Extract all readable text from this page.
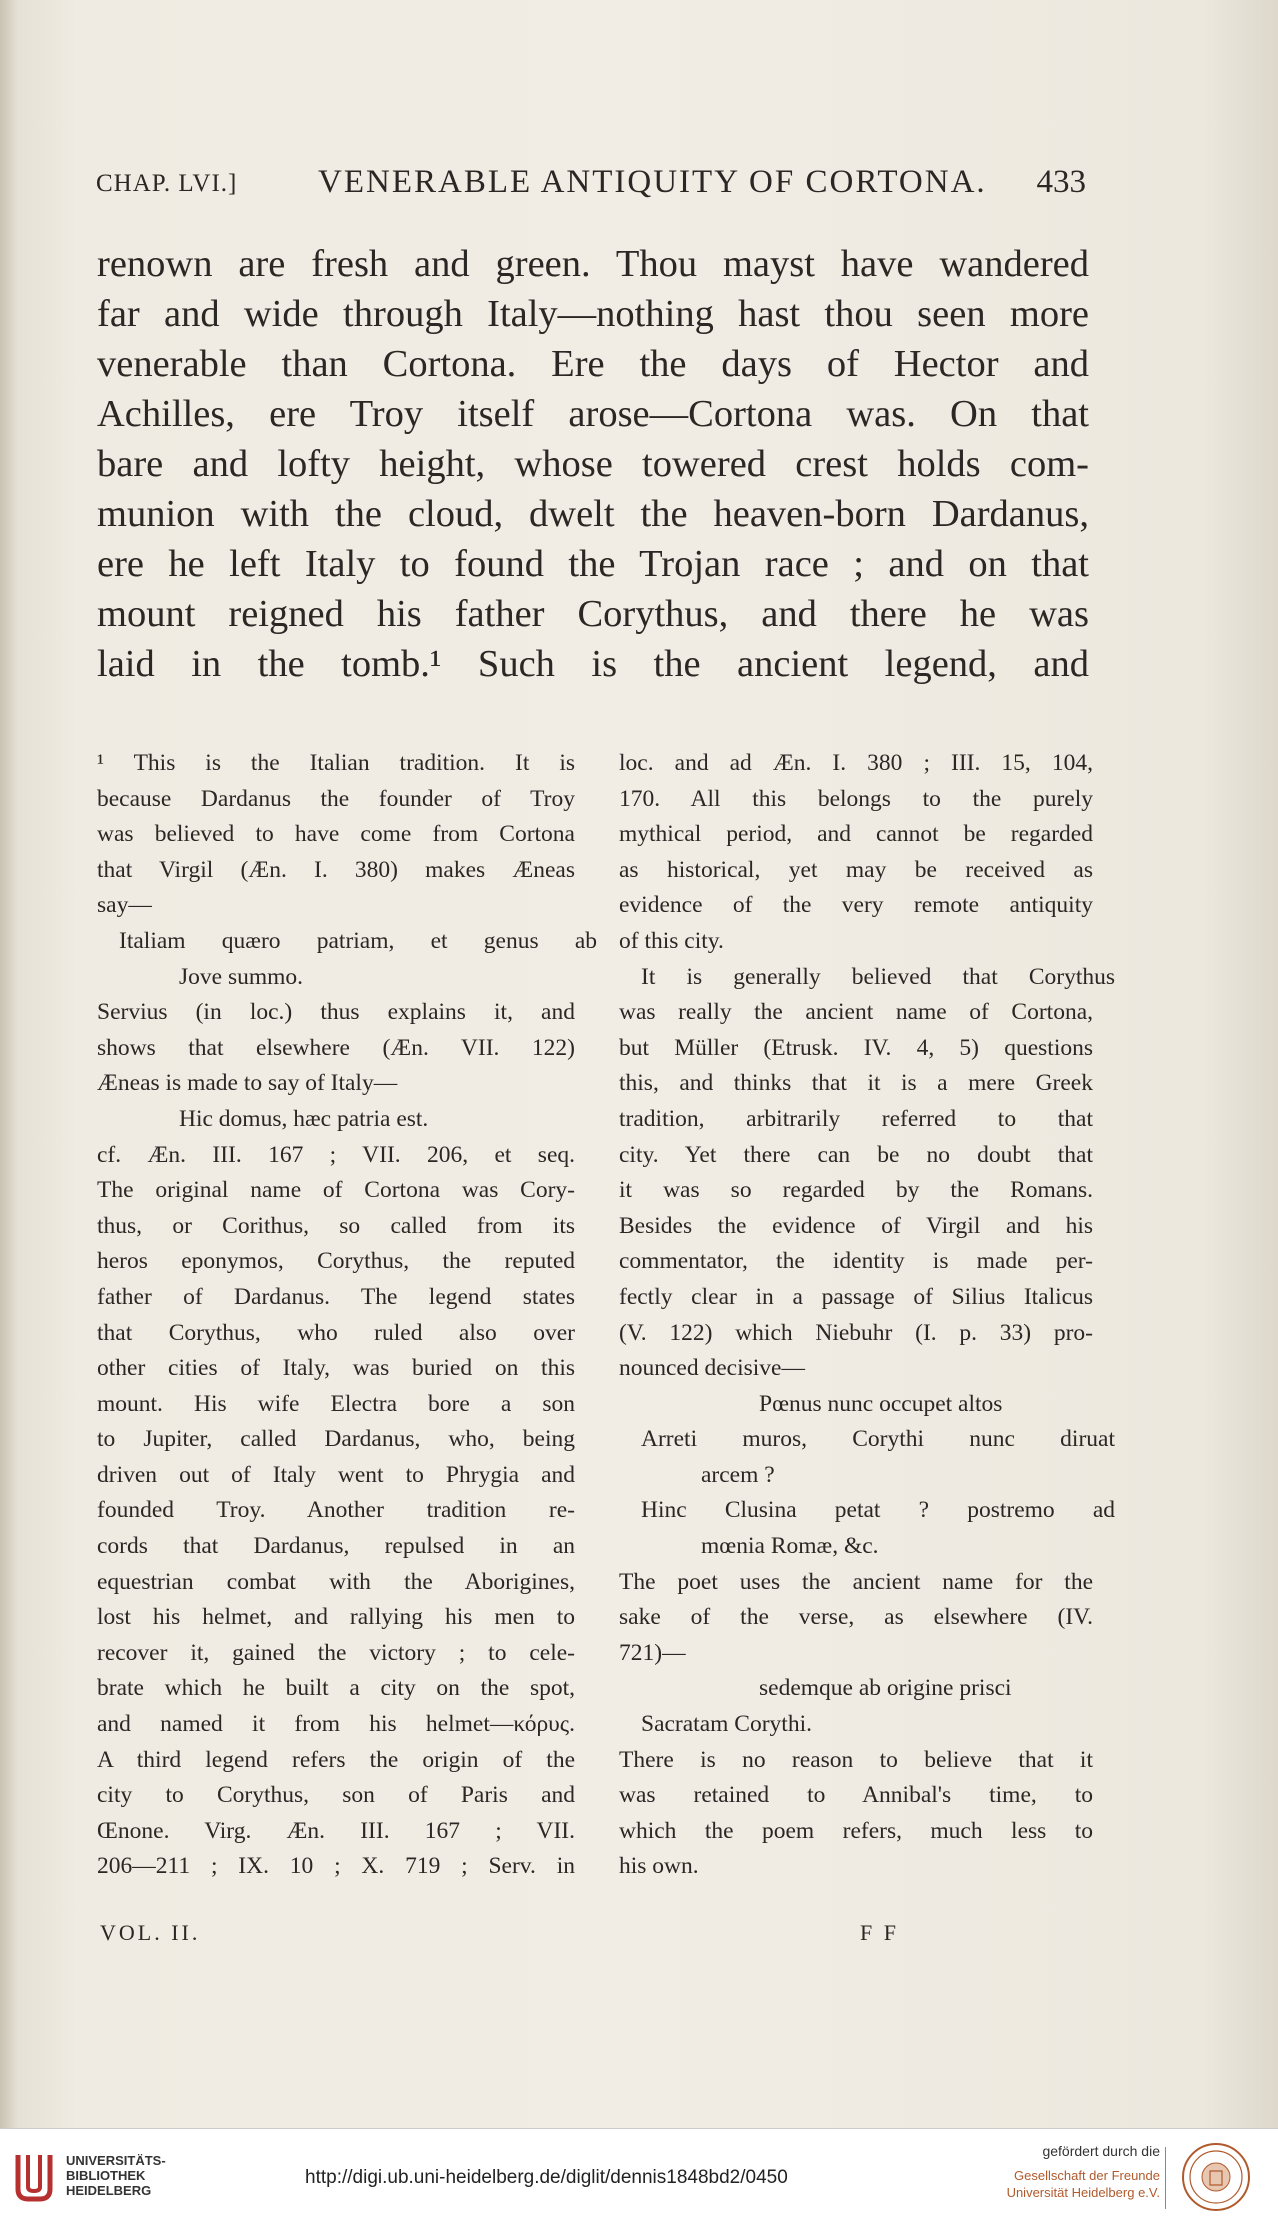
CHAP. LVI.] VENERABLE ANTIQUITY OF CORTONA. 433
renown are fresh and green. Thou mayst have wandered
far and wide through Italy—nothing hast thou seen more
venerable than Cortona. Ere the days of Hector and
Achilles, ere Troy itself arose—Cortona was. On that
bare and lofty height, whose towered crest holds com-
munion with the cloud, dwelt the heaven-born Dardanus,
ere he left Italy to found the Trojan race ; and on that
mount reigned his father Corythus, and there he was
laid in the tomb.¹ Such is the ancient legend, and
¹ This is the Italian tradition. It is
because Dardanus the founder of Troy
was believed to have come from Cortona
that Virgil (Æn. I. 380) makes Æneas
say—
Italiam quæro patriam, et genus ab
Jove summo.
Servius (in loc.) thus explains it, and
shows that elsewhere (Æn. VII. 122)
Æneas is made to say of Italy—
Hic domus, hæc patria est.
cf. Æn. III. 167 ; VII. 206, et seq.
The original name of Cortona was Cory-
thus, or Corithus, so called from its
heros eponymos, Corythus, the reputed
father of Dardanus. The legend states
that Corythus, who ruled also over
other cities of Italy, was buried on this
mount. His wife Electra bore a son
to Jupiter, called Dardanus, who, being
driven out of Italy went to Phrygia and
founded Troy. Another tradition re-
cords that Dardanus, repulsed in an
equestrian combat with the Aborigines,
lost his helmet, and rallying his men to
recover it, gained the victory ; to cele-
brate which he built a city on the spot,
and named it from his helmet—κόρυς.
A third legend refers the origin of the
city to Corythus, son of Paris and
Œnone. Virg. Æn. III. 167 ; VII.
206—211 ; IX. 10 ; X. 719 ; Serv. in
loc. and ad Æn. I. 380 ; III. 15, 104,
170. All this belongs to the purely
mythical period, and cannot be regarded
as historical, yet may be received as
evidence of the very remote antiquity
of this city.
It is generally believed that Corythus
was really the ancient name of Cortona,
but Müller (Etrusk. IV. 4, 5) questions
this, and thinks that it is a mere Greek
tradition, arbitrarily referred to that
city. Yet there can be no doubt that
it was so regarded by the Romans.
Besides the evidence of Virgil and his
commentator, the identity is made per-
fectly clear in a passage of Silius Italicus
(V. 122) which Niebuhr (I. p. 33) pro-
nounced decisive—
Pœnus nunc occupet altos
Arreti muros, Corythi nunc diruat
arcem ?
Hinc Clusina petat ? postremo ad
mœnia Romæ, &c.
The poet uses the ancient name for the
sake of the verse, as elsewhere (IV.
721)—
sedemque ab origine prisci
Sacratam Corythi.
There is no reason to believe that it
was retained to Annibal's time, to
which the poem refers, much less to
his own.
VOL. II.	F F
UNIVERSITÄTS-
BIBLIOTHEK
HEIDELBERG
http://digi.ub.uni-heidelberg.de/diglit/dennis1848bd2/0450
gefördert durch die
Gesellschaft der Freunde
Universität Heidelberg e.V.
